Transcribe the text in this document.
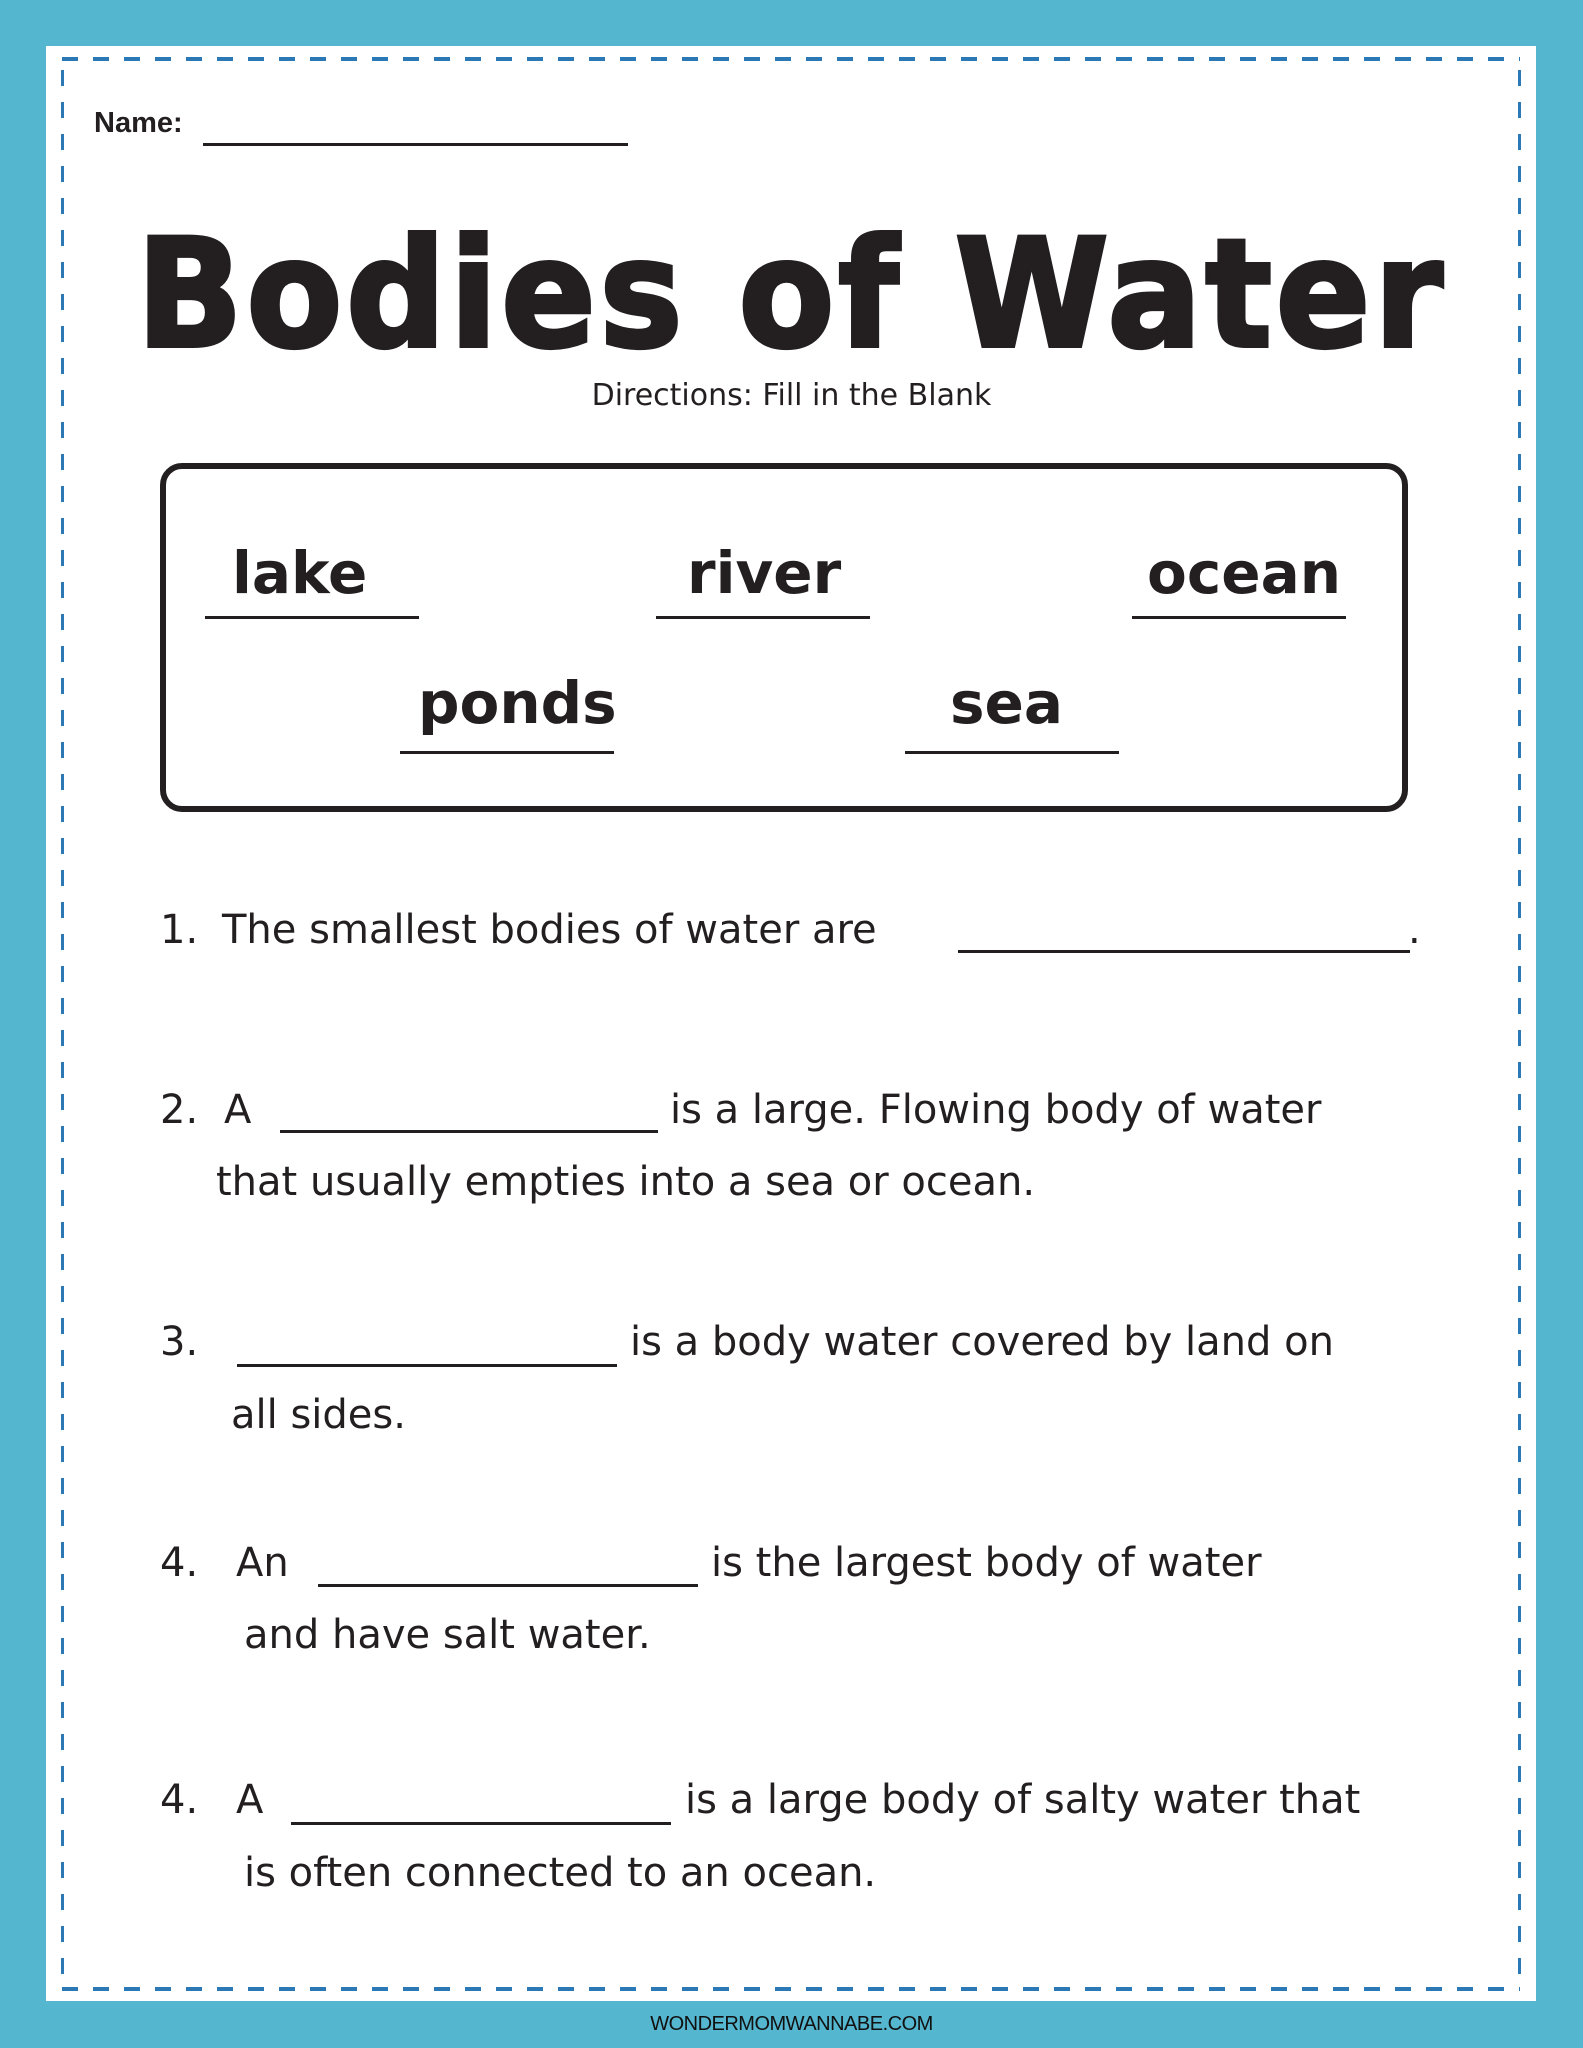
Name:
Bodies of Water
Directions: Fill in the Blank
lake	river	ocean
ponds	sea
1. The smallest bodies of water are	.
2. A	is a large. Flowing body of water
that usually empties into a sea or ocean.
3.	is a body water covered by land on
all sides.
4. An	is the largest body of water
and have salt water.
4. A	is a large body of salty water that
is often connected to an ocean.
WONDERMOMWANNABE.COM
